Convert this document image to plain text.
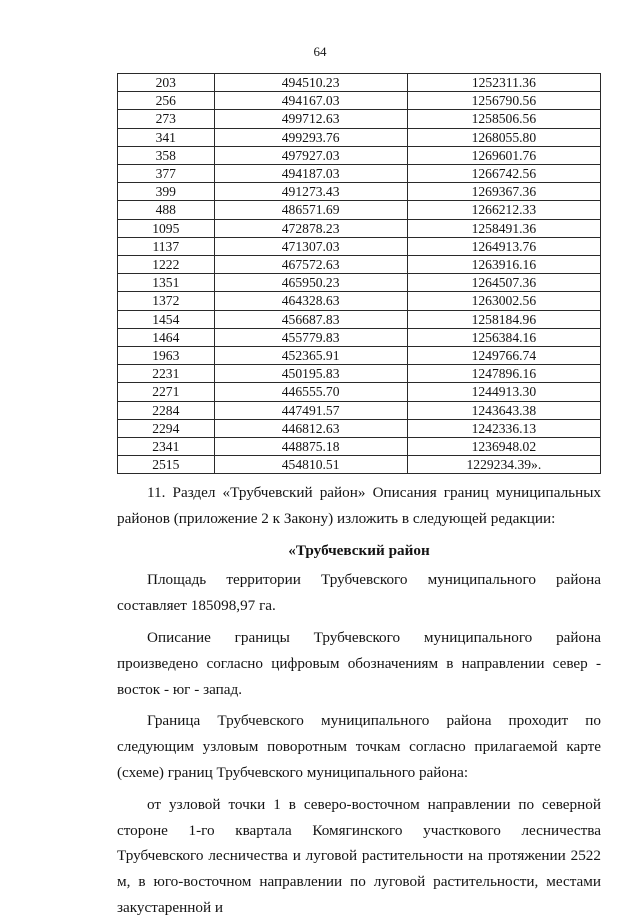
64
203	494510.23	1252311.36
256	494167.03	1256790.56
273	499712.63	1258506.56
341	499293.76	1268055.80
358	497927.03	1269601.76
377	494187.03	1266742.56
399	491273.43	1269367.36
488	486571.69	1266212.33
1095	472878.23	1258491.36
1137	471307.03	1264913.76
1222	467572.63	1263916.16
1351	465950.23	1264507.36
1372	464328.63	1263002.56
1454	456687.83	1258184.96
1464	455779.83	1256384.16
1963	452365.91	1249766.74
2231	450195.83	1247896.16
2271	446555.70	1244913.30
2284	447491.57	1243643.38
2294	446812.63	1242336.13
2341	448875.18	1236948.02
2515	454810.51	1229234.39».

11. Раздел «Трубчевский район» Описания границ муниципальных районов (приложение 2 к Закону) изложить в следующей редакции:

«Трубчевский район

Площадь территории Трубчевского муниципального района составляет 185098,97 га.

Описание границы Трубчевского муниципального района произведено согласно цифровым обозначениям в направлении север - восток - юг - запад.

Граница Трубчевского муниципального района проходит по следующим узловым поворотным точкам согласно прилагаемой карте (схеме) границ Трубчевского муниципального района:

от узловой точки 1 в северо-восточном направлении по северной стороне 1-го квартала Комягинского участкового лесничества Трубчевского лесничества и луговой растительности на протяжении 2522 м, в юго-восточном направлении по луговой растительности, местами закустаренной и
